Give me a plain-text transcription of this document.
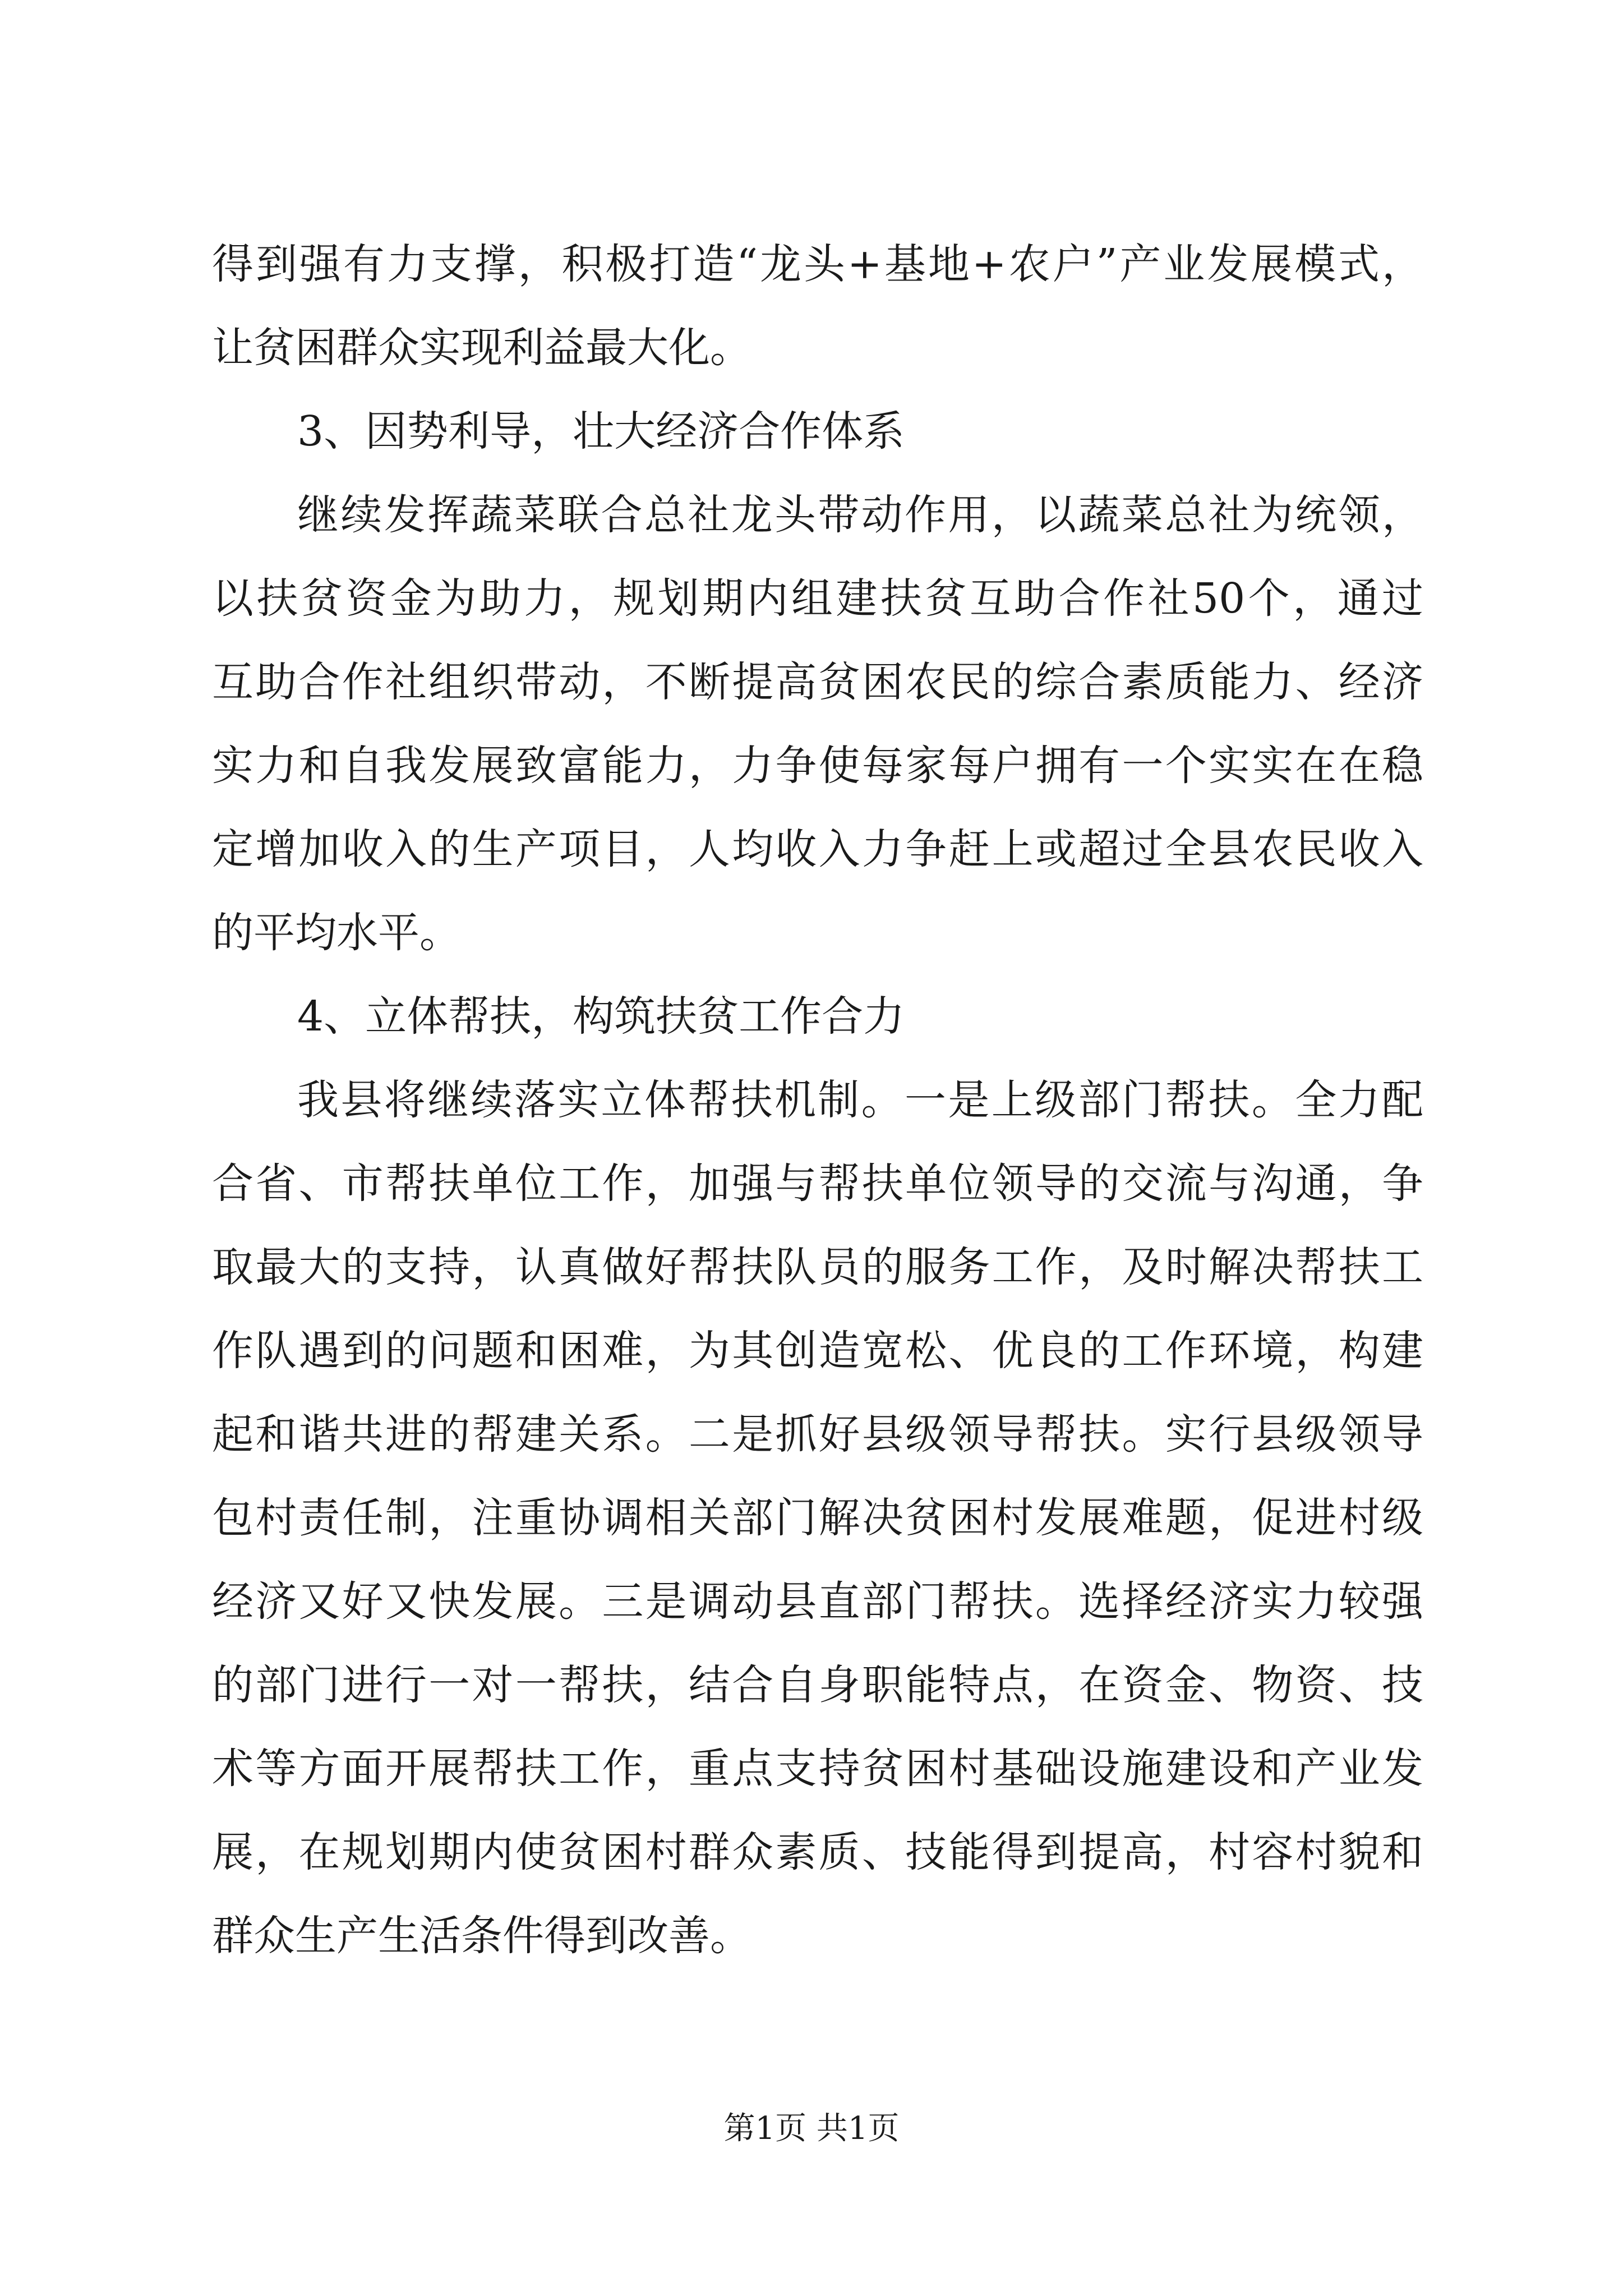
得到强有力支撑，积极打造“龙头+基地+农户”产业发展模式，

让贫困群众实现利益最大化。

3、因势利导，壮大经济合作体系

继续发挥蔬菜联合总社龙头带动作用，以蔬菜总社为统领，

以扶贫资金为助力，规划期内组建扶贫互助合作社50个，通过

互助合作社组织带动，不断提高贫困农民的综合素质能力、经济

实力和自我发展致富能力，力争使每家每户拥有一个实实在在稳

定增加收入的生产项目，人均收入力争赶上或超过全县农民收入

的平均水平。

4、立体帮扶，构筑扶贫工作合力

我县将继续落实立体帮扶机制。一是上级部门帮扶。全力配

合省、市帮扶单位工作，加强与帮扶单位领导的交流与沟通，争

取最大的支持，认真做好帮扶队员的服务工作，及时解决帮扶工

作队遇到的问题和困难，为其创造宽松、优良的工作环境，构建

起和谐共进的帮建关系。二是抓好县级领导帮扶。实行县级领导

包村责任制，注重协调相关部门解决贫困村发展难题，促进村级

经济又好又快发展。三是调动县直部门帮扶。选择经济实力较强

的部门进行一对一帮扶，结合自身职能特点，在资金、物资、技

术等方面开展帮扶工作，重点支持贫困村基础设施建设和产业发

展，在规划期内使贫困村群众素质、技能得到提高，村容村貌和

群众生产生活条件得到改善。

第1页 共1页
